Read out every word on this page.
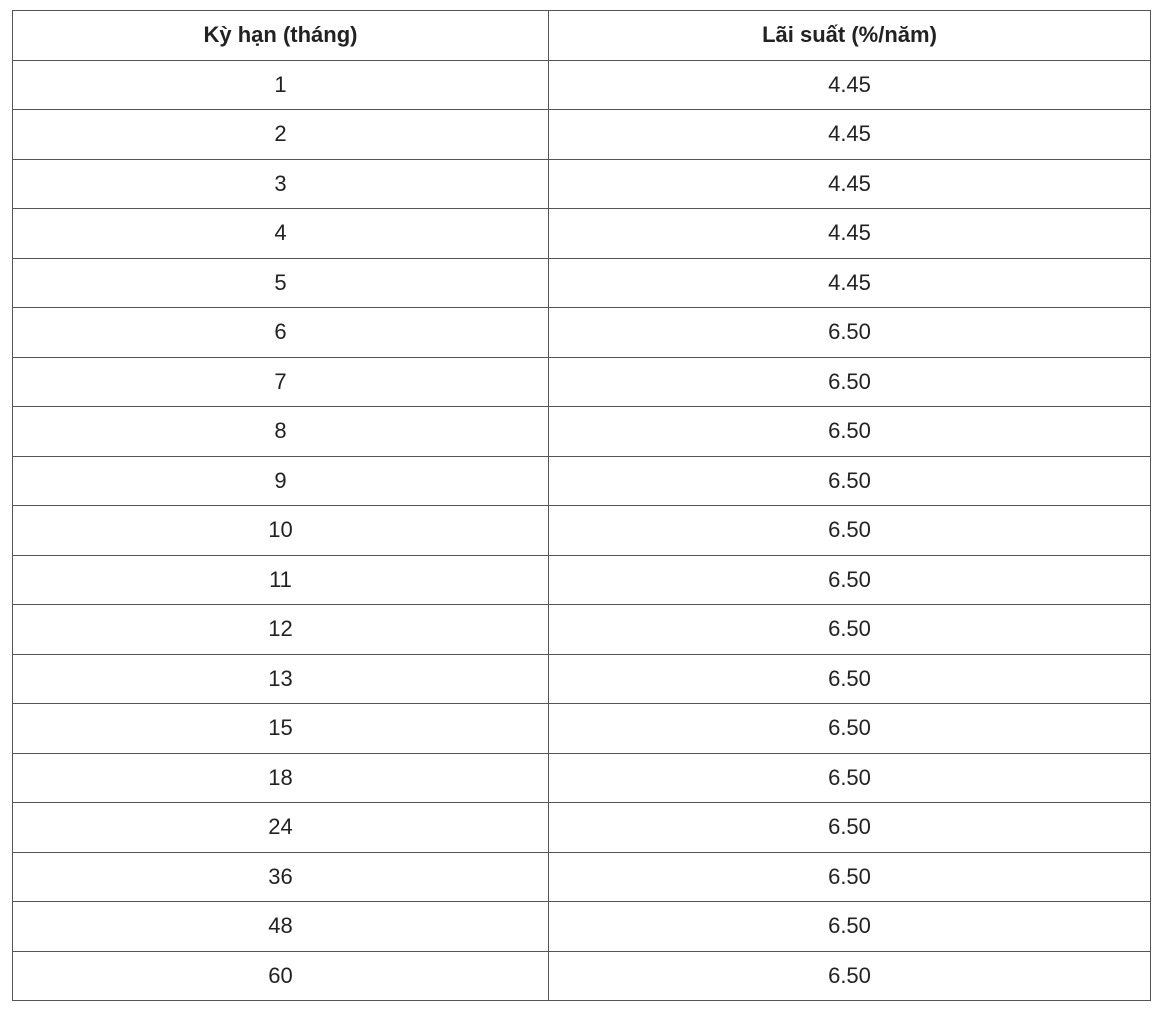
Kỳ hạn (tháng)	Lãi suất (%/năm)
1	4.45
2	4.45
3	4.45
4	4.45
5	4.45
6	6.50
7	6.50
8	6.50
9	6.50
10	6.50
11	6.50
12	6.50
13	6.50
15	6.50
18	6.50
24	6.50
36	6.50
48	6.50
60	6.50
